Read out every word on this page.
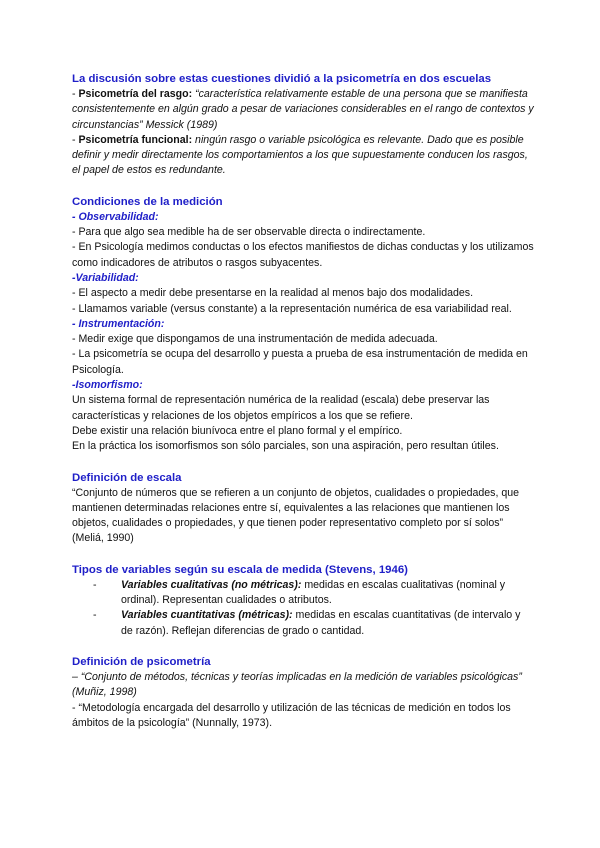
La discusión sobre estas cuestiones dividió a la psicometría en dos escuelas

- Psicometría del rasgo: “característica relativamente estable de una persona que se manifiesta consistentemente en algún grado a pesar de variaciones considerables en el rango de contextos y circunstancias” Messick (1989)

- Psicometría funcional: ningún rasgo o variable psicológica es relevante. Dado que es posible definir y medir directamente los comportamientos a los que supuestamente conducen los rasgos, el papel de estos es redundante.

Condiciones de la medición

- Observabilidad:

- Para que algo sea medible ha de ser observable directa o indirectamente.

- En Psicología medimos conductas o los efectos manifiestos de dichas conductas y los utilizamos como indicadores de atributos o rasgos subyacentes.

-Variabilidad:

- El aspecto a medir debe presentarse en la realidad al menos bajo dos modalidades.

- Llamamos variable (versus constante) a la representación numérica de esa variabilidad real.

- Instrumentación:

- Medir exige que dispongamos de una instrumentación de medida adecuada.

- La psicometría se ocupa del desarrollo y puesta a prueba de esa instrumentación de medida en Psicología.

-Isomorfismo:

Un sistema formal de representación numérica de la realidad (escala) debe preservar las características y relaciones de los objetos empíricos a los que se refiere.

Debe existir una relación biunívoca entre el plano formal y el empírico.

En la práctica los isomorfismos son sólo parciales, son una aspiración, pero resultan útiles.

Definición de escala

“Conjunto de números que se refieren a un conjunto de objetos, cualidades o propiedades, que mantienen determinadas relaciones entre sí, equivalentes a las relaciones que mantienen los objetos, cualidades o propiedades, y que tienen poder representativo completo por sí solos” (Meliá, 1990)

Tipos de variables según su escala de medida (Stevens, 1946)
- Variables cualitativas (no métricas): medidas en escalas cualitativas (nominal y ordinal). Representan cualidades o atributos.
- Variables cuantitativas (métricas): medidas en escalas cuantitativas (de intervalo y de razón). Reflejan diferencias de grado o cantidad.
Definición de psicometría

– “Conjunto de métodos, técnicas y teorías implicadas en la medición de variables psicológicas” (Muñiz, 1998)

- “Metodología encargada del desarrollo y utilización de las técnicas de medición en todos los ámbitos de la psicología” (Nunnally, 1973).
